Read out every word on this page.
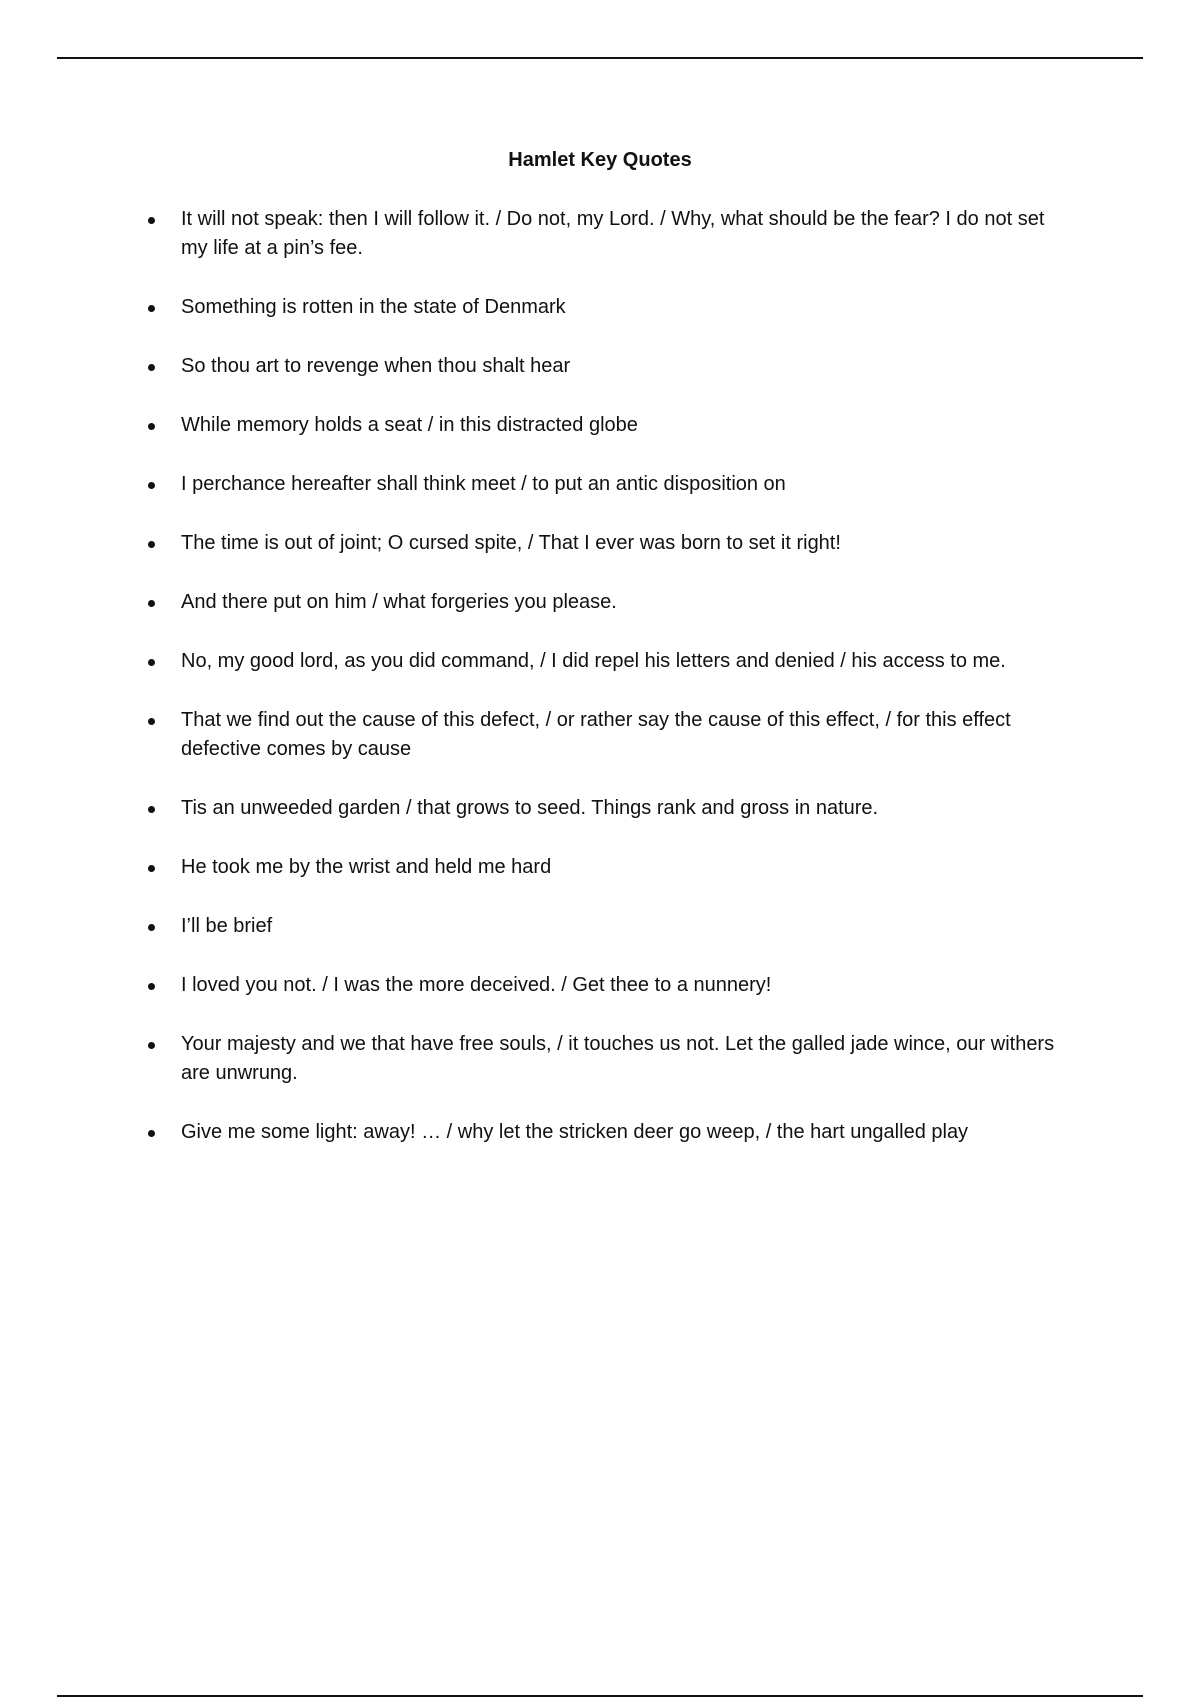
Hamlet Key Quotes
It will not speak: then I will follow it. / Do not, my Lord. / Why, what should be the fear? I do not set my life at a pin’s fee.
Something is rotten in the state of Denmark
So thou art to revenge when thou shalt hear
While memory holds a seat / in this distracted globe
I perchance hereafter shall think meet / to put an antic disposition on
The time is out of joint; O cursed spite, / That I ever was born to set it right!
And there put on him / what forgeries you please.
No, my good lord, as you did command, / I did repel his letters and denied / his access to me.
That we find out the cause of this defect, / or rather say the cause of this effect, / for this effect defective comes by cause
Tis an unweeded garden / that grows to seed. Things rank and gross in nature.
He took me by the wrist and held me hard
I’ll be brief
I loved you not. / I was the more deceived. / Get thee to a nunnery!
Your majesty and we that have free souls, / it touches us not. Let the galled jade wince, our withers are unwrung.
Give me some light: away! … / why let the stricken deer go weep, / the hart ungalled play
